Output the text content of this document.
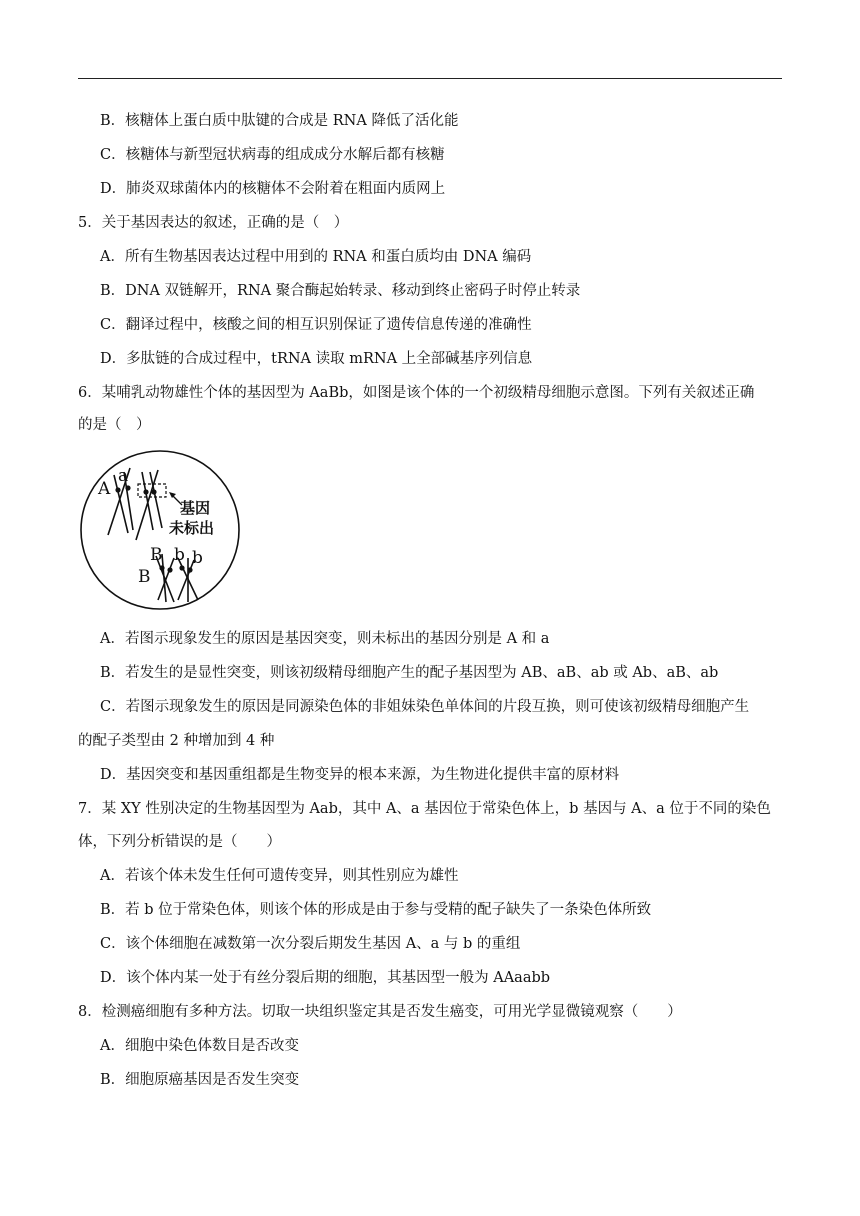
B．核糖体上蛋白质中肽键的合成是 RNA 降低了活化能
C．核糖体与新型冠状病毒的组成成分水解后都有核糖
D．肺炎双球菌体内的核糖体不会附着在粗面内质网上
5．关于基因表达的叙述，正确的是（　）
A．所有生物基因表达过程中用到的 RNA 和蛋白质均由 DNA 编码
B．DNA 双链解开，RNA 聚合酶起始转录、移动到终止密码子时停止转录
C．翻译过程中，核酸之间的相互识别保证了遗传信息传递的准确性
D．多肽链的合成过程中，tRNA 读取 mRNA 上全部碱基序列信息
6．某哺乳动物雄性个体的基因型为 AaBb，如图是该个体的一个初级精母细胞示意图。下列有关叙述正确
的是（　）
A
a
B
B
b b
基因
未标出
A．若图示现象发生的原因是基因突变，则未标出的基因分别是 A 和 a
B．若发生的是显性突变，则该初级精母细胞产生的配子基因型为 AB、aB、ab 或 Ab、aB、ab
C．若图示现象发生的原因是同源染色体的非姐妹染色单体间的片段互换，则可使该初级精母细胞产生
的配子类型由 2 种增加到 4 种
D．基因突变和基因重组都是生物变异的根本来源，为生物进化提供丰富的原材料
7．某 XY 性别决定的生物基因型为 Aab，其中 A、a 基因位于常染色体上，b 基因与 A、a 位于不同的染色
体，下列分析错误的是（　　）
A．若该个体未发生任何可遗传变异，则其性别应为雄性
B．若 b 位于常染色体，则该个体的形成是由于参与受精的配子缺失了一条染色体所致
C．该个体细胞在减数第一次分裂后期发生基因 A、a 与 b 的重组
D．该个体内某一处于有丝分裂后期的细胞，其基因型一般为 AAaabb
8．检测癌细胞有多种方法。切取一块组织鉴定其是否发生癌变，可用光学显微镜观察（　　）
A．细胞中染色体数目是否改变
B．细胞原癌基因是否发生突变
